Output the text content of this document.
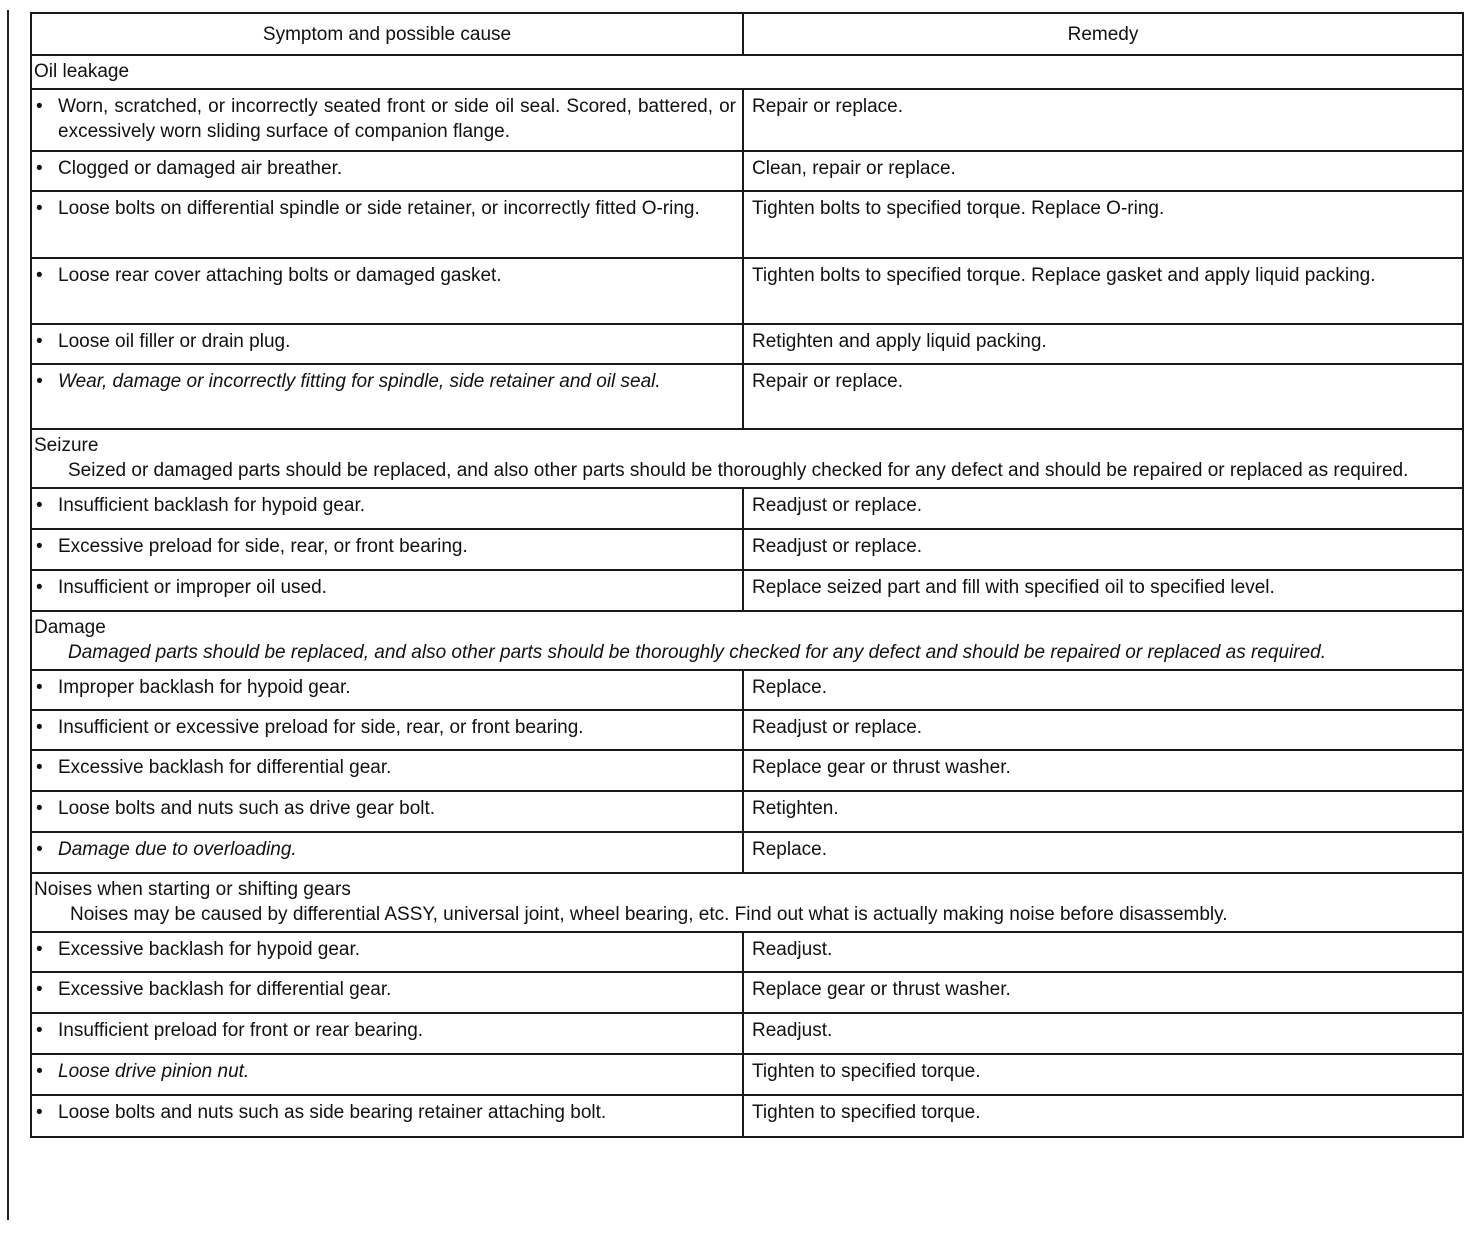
Symptom and possible cause	Remedy
Oil leakage	

• Worn, scratched, or incorrectly seated front or side oil seal. Scored, battered, or excessively worn sliding surface of companion flange.	Repair or replace.

• Clogged or damaged air breather.	Clean, repair or replace.

• Loose bolts on differential spindle or side retainer, or incorrectly fitted O-ring.	Tighten bolts to specified torque. Replace O-ring.

• Loose rear cover attaching bolts or damaged gasket.	Tighten bolts to specified torque. Replace gasket and apply liquid packing.

• Loose oil filler or drain plug.	Retighten and apply liquid packing.

• Wear, damage or incorrectly fitting for spindle, side retainer and oil seal.	Repair or replace.
Seizure
Seized or damaged parts should be replaced, and also other parts should be thoroughly checked for any defect and should be repaired or replaced as required.	

• Insufficient backlash for hypoid gear.	Readjust or replace.

• Excessive preload for side, rear, or front bearing.	Readjust or replace.

• Insufficient or improper oil used.	Replace seized part and fill with specified oil to specified level.
Damage
Damaged parts should be replaced, and also other parts should be thoroughly checked for any defect and should be repaired or replaced as required.	

• Improper backlash for hypoid gear.	Replace.

• Insufficient or excessive preload for side, rear, or front bearing.	Readjust or replace.

• Excessive backlash for differential gear.	Replace gear or thrust washer.

• Loose bolts and nuts such as drive gear bolt.	Retighten.

• Damage due to overloading.	Replace.
Noises when starting or shifting gears
Noises may be caused by differential ASSY, universal joint, wheel bearing, etc. Find out what is actually making noise before disassembly.	

• Excessive backlash for hypoid gear.	Readjust.

• Excessive backlash for differential gear.	Replace gear or thrust washer.

• Insufficient preload for front or rear bearing.	Readjust.

• Loose drive pinion nut.	Tighten to specified torque.

• Loose bolts and nuts such as side bearing retainer attaching bolt.	Tighten to specified torque.
